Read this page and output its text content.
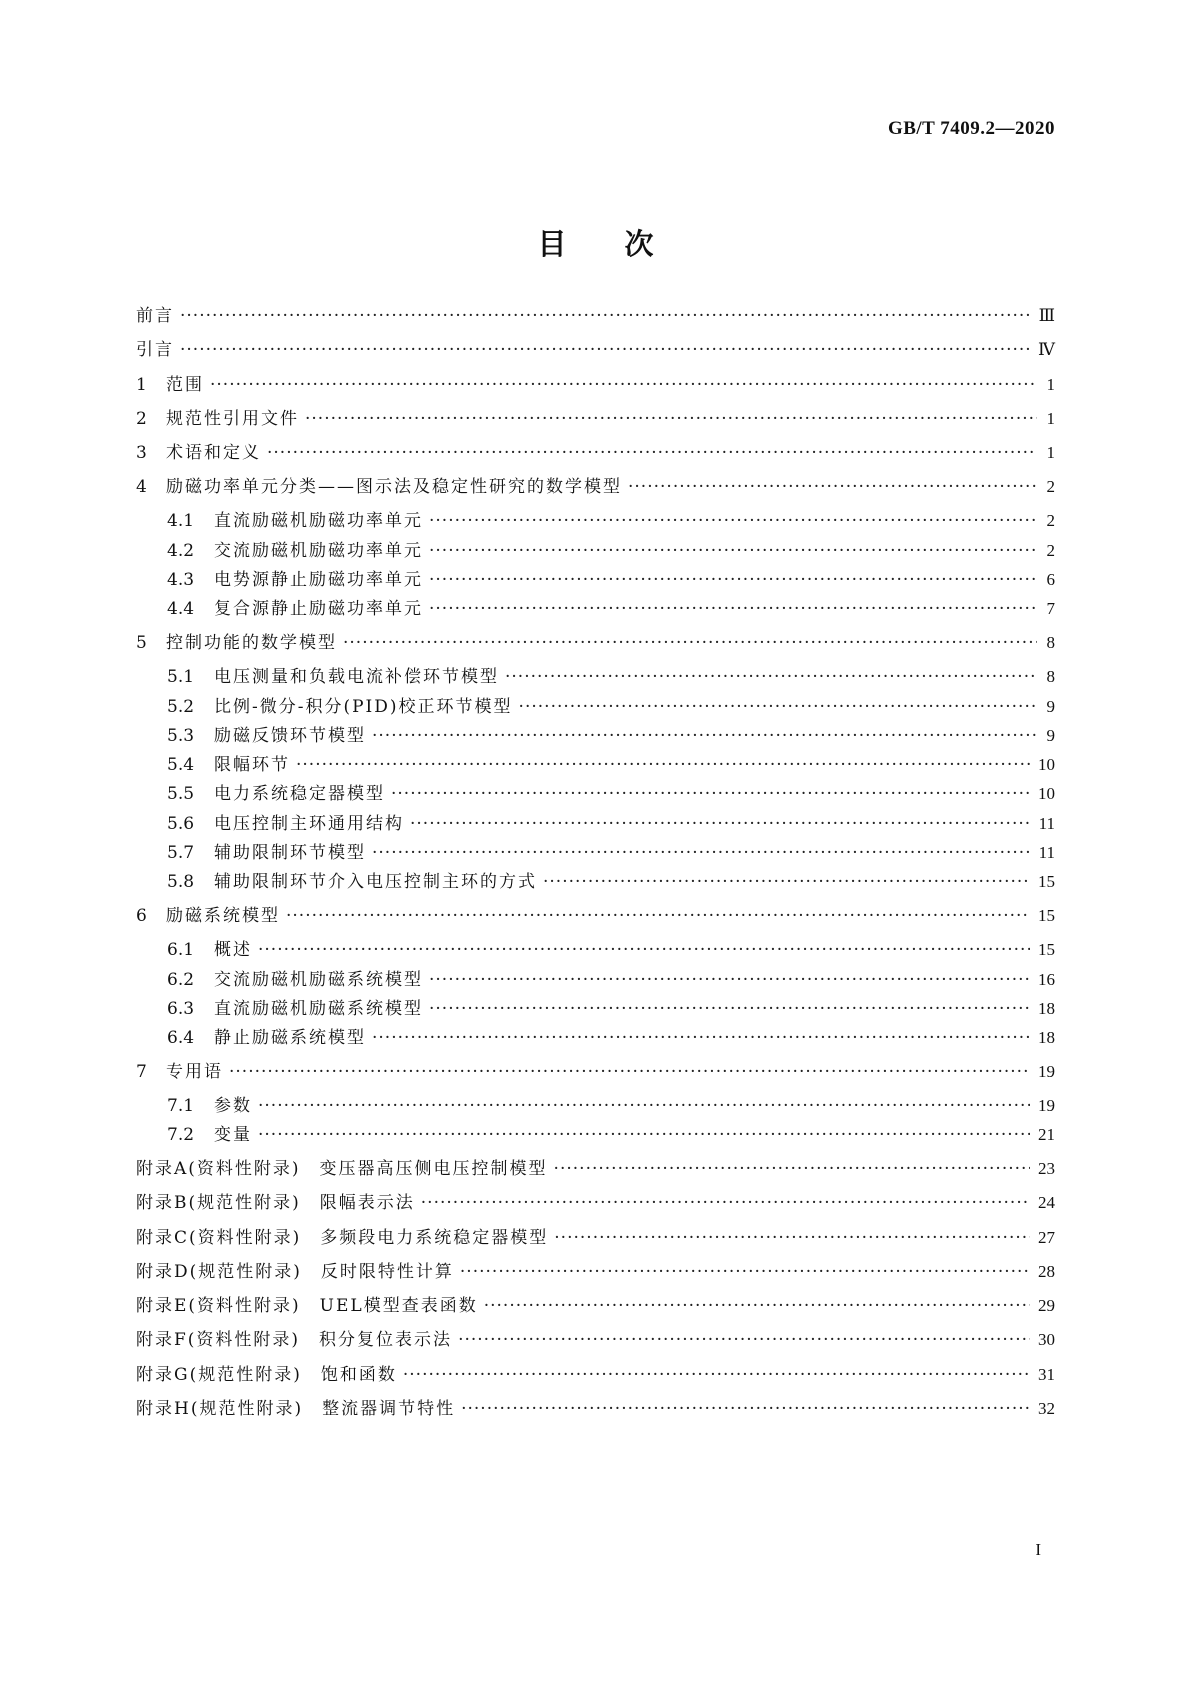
GB/T 7409.2—2020
目次
前言 ·····	Ⅲ
引言 ·····	Ⅳ
1	范围 ·····	1
2	规范性引用文件 ·····	1
3	术语和定义 ·····	1
4	励磁功率单元分类——图示法及稳定性研究的数学模型 ·····	2
4.1	直流励磁机励磁功率单元 ·····	2
4.2	交流励磁机励磁功率单元 ·····	2
4.3	电势源静止励磁功率单元 ·····	6
4.4	复合源静止励磁功率单元 ·····	7
5	控制功能的数学模型 ·····	8
5.1	电压测量和负载电流补偿环节模型 ·····	8
5.2	比例-微分-积分(PID)校正环节模型 ·····	9
5.3	励磁反馈环节模型 ·····	9
5.4	限幅环节 ·····	10
5.5	电力系统稳定器模型 ·····	10
5.6	电压控制主环通用结构 ·····	11
5.7	辅助限制环节模型 ·····	11
5.8	辅助限制环节介入电压控制主环的方式 ·····	15
6	励磁系统模型 ·····	15
6.1	概述 ·····	15
6.2	交流励磁机励磁系统模型 ·····	16
6.3	直流励磁机励磁系统模型 ·····	18
6.4	静止励磁系统模型 ·····	18
7	专用语 ·····	19
7.1	参数 ·····	19
7.2	变量 ·····	21
附录A(资料性附录)　变压器高压侧电压控制模型 ·····	23
附录B(规范性附录)　限幅表示法 ·····	24
附录C(资料性附录)　多频段电力系统稳定器模型 ·····	27
附录D(规范性附录)　反时限特性计算 ·····	28
附录E(资料性附录)　UEL模型查表函数 ·····	29
附录F(资料性附录)　积分复位表示法 ·····	30
附录G(规范性附录)　饱和函数 ·····	31
附录H(规范性附录)　整流器调节特性 ·····	32
I
